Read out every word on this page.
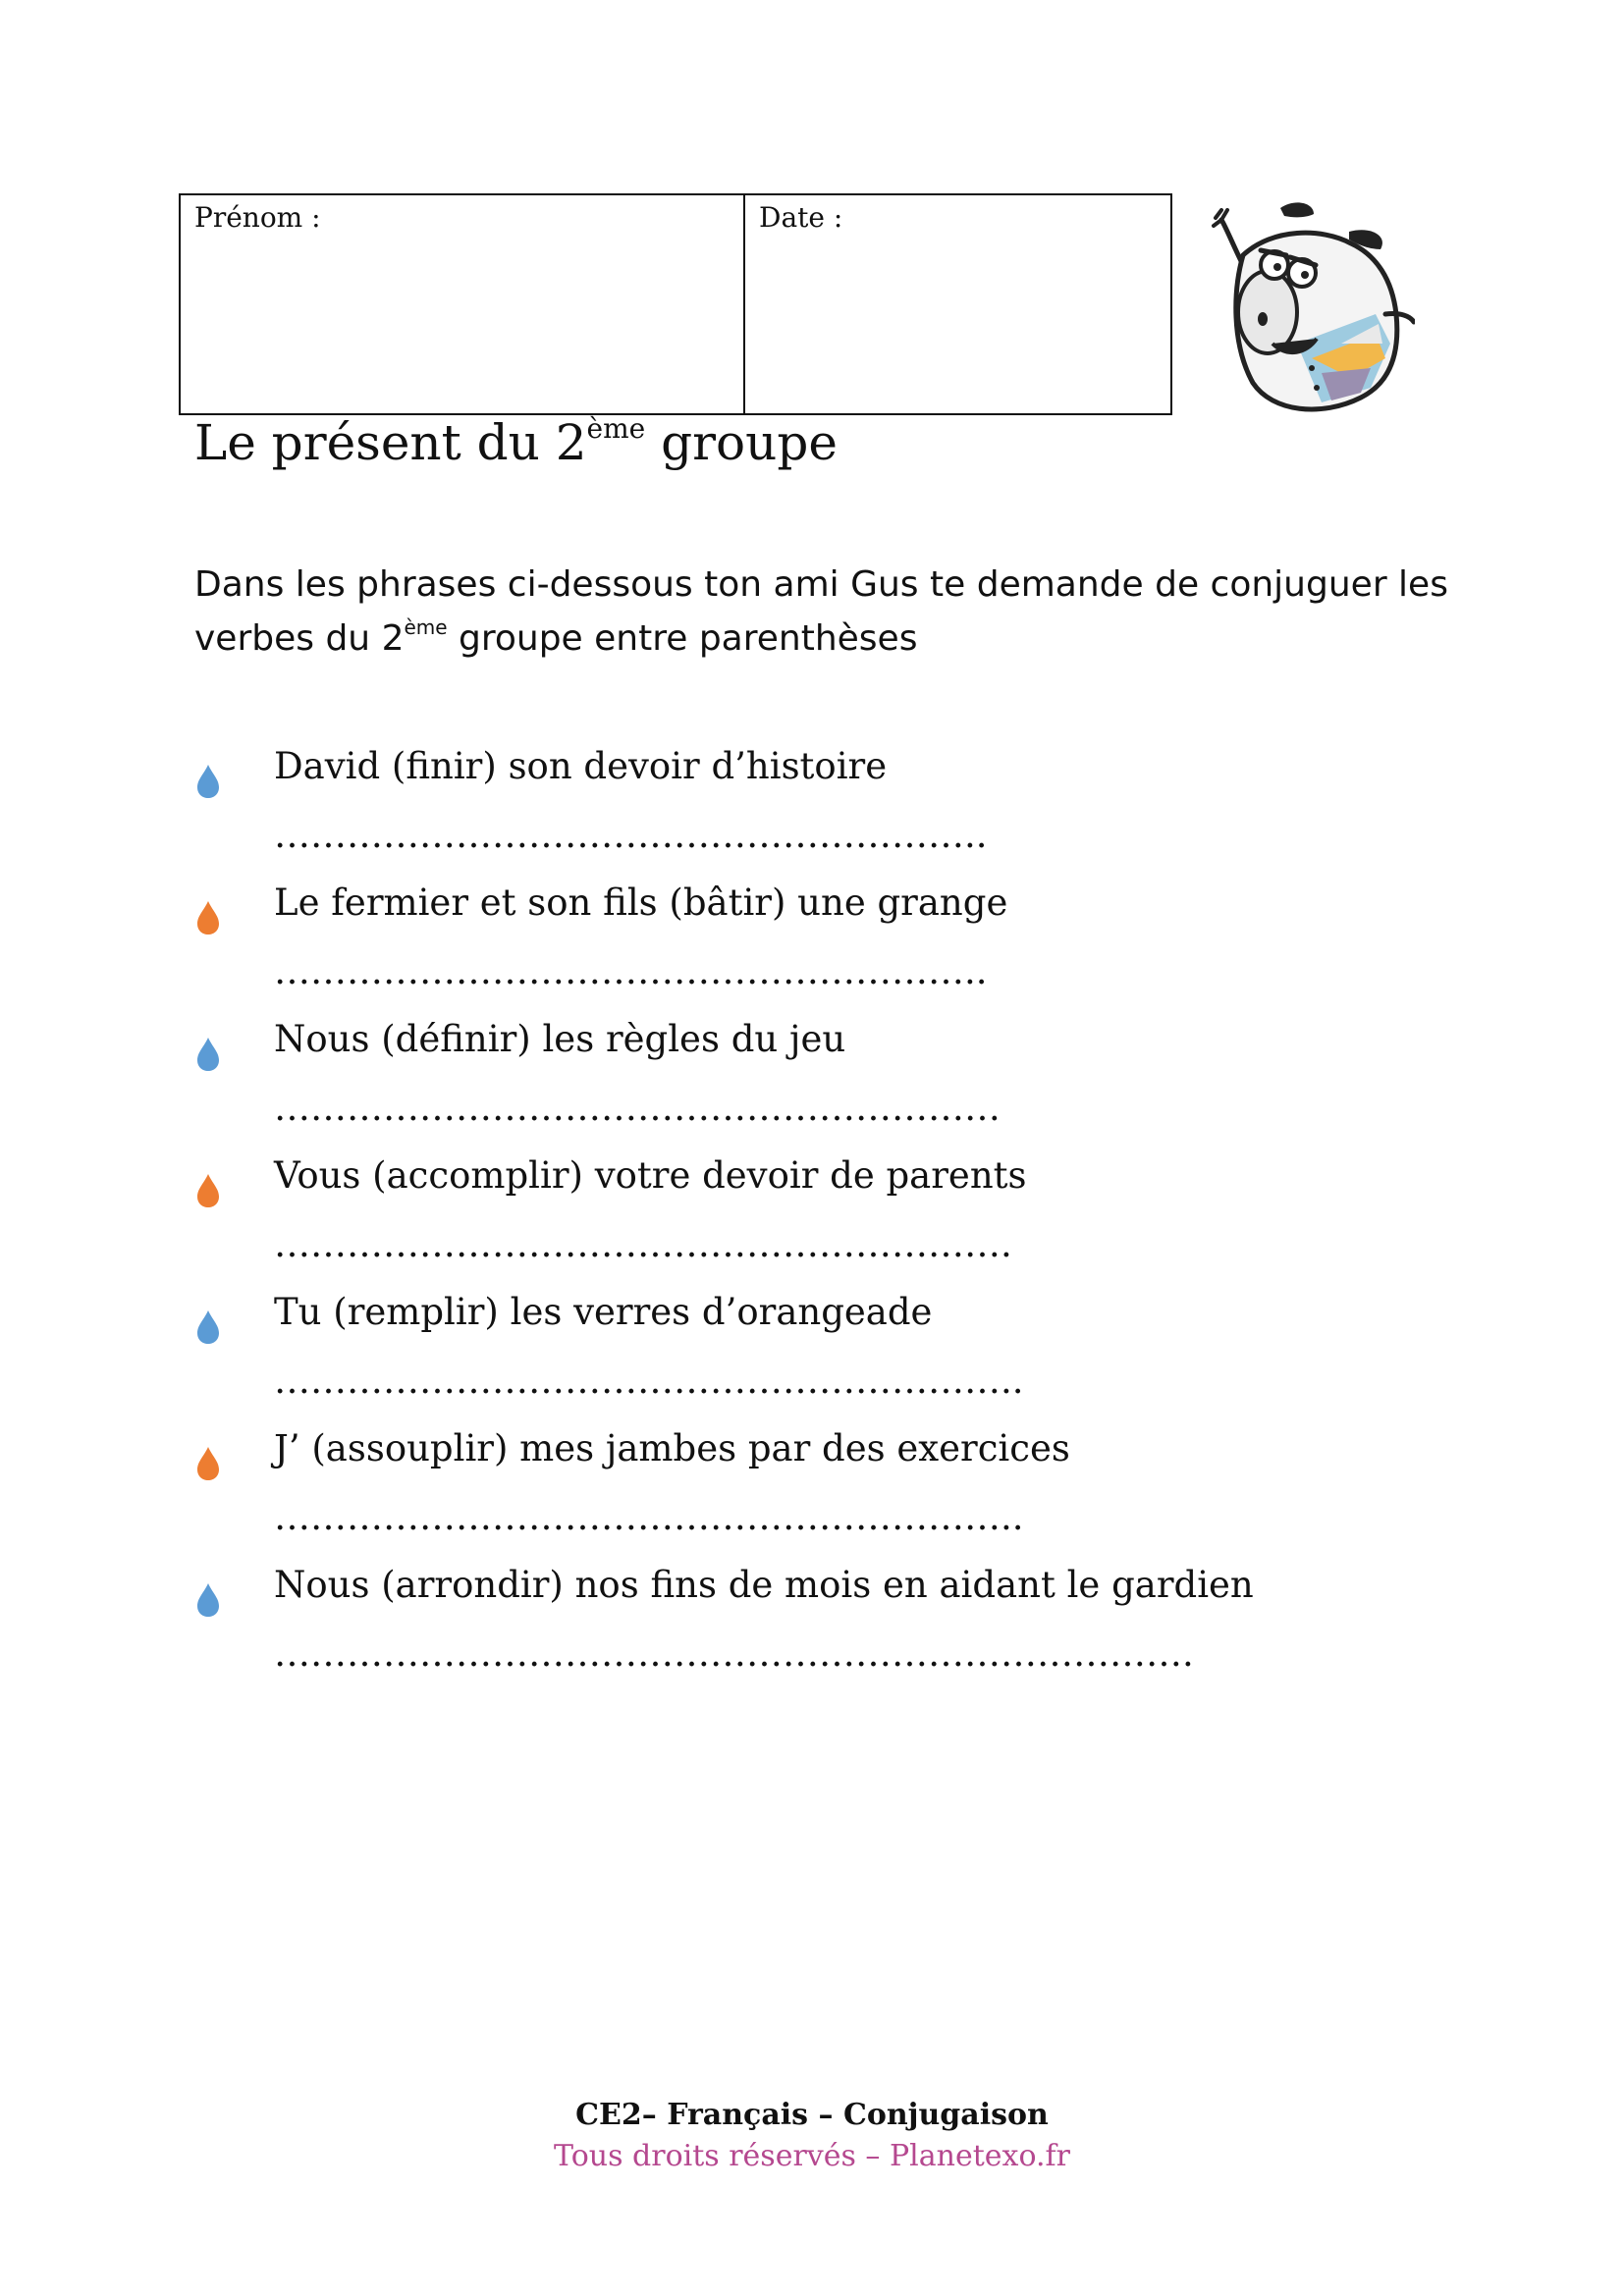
Prénom :	Date :
Le présent du 2ème groupe

Dans les phrases ci-dessous ton ami Gus te demande de conjuguer les
verbes du 2ème groupe entre parenthèses

David (finir) son devoir d’histoire
…………………………………………………..
Le fermier et son fils (bâtir) une grange
…………………………………………………..
Nous (définir) les règles du jeu
……………………………………………………
Vous (accomplir) votre devoir de parents
…………………………………………………….
Tu (remplir) les verres d’orangeade
……………………………………………………..
J’ (assouplir) mes jambes par des exercices
……………………………………………………..
Nous (arrondir) nos fins de mois en aidant le gardien
………………………………………………………………….
CE2– Français – Conjugaison
Tous droits réservés – Planetexo.fr
